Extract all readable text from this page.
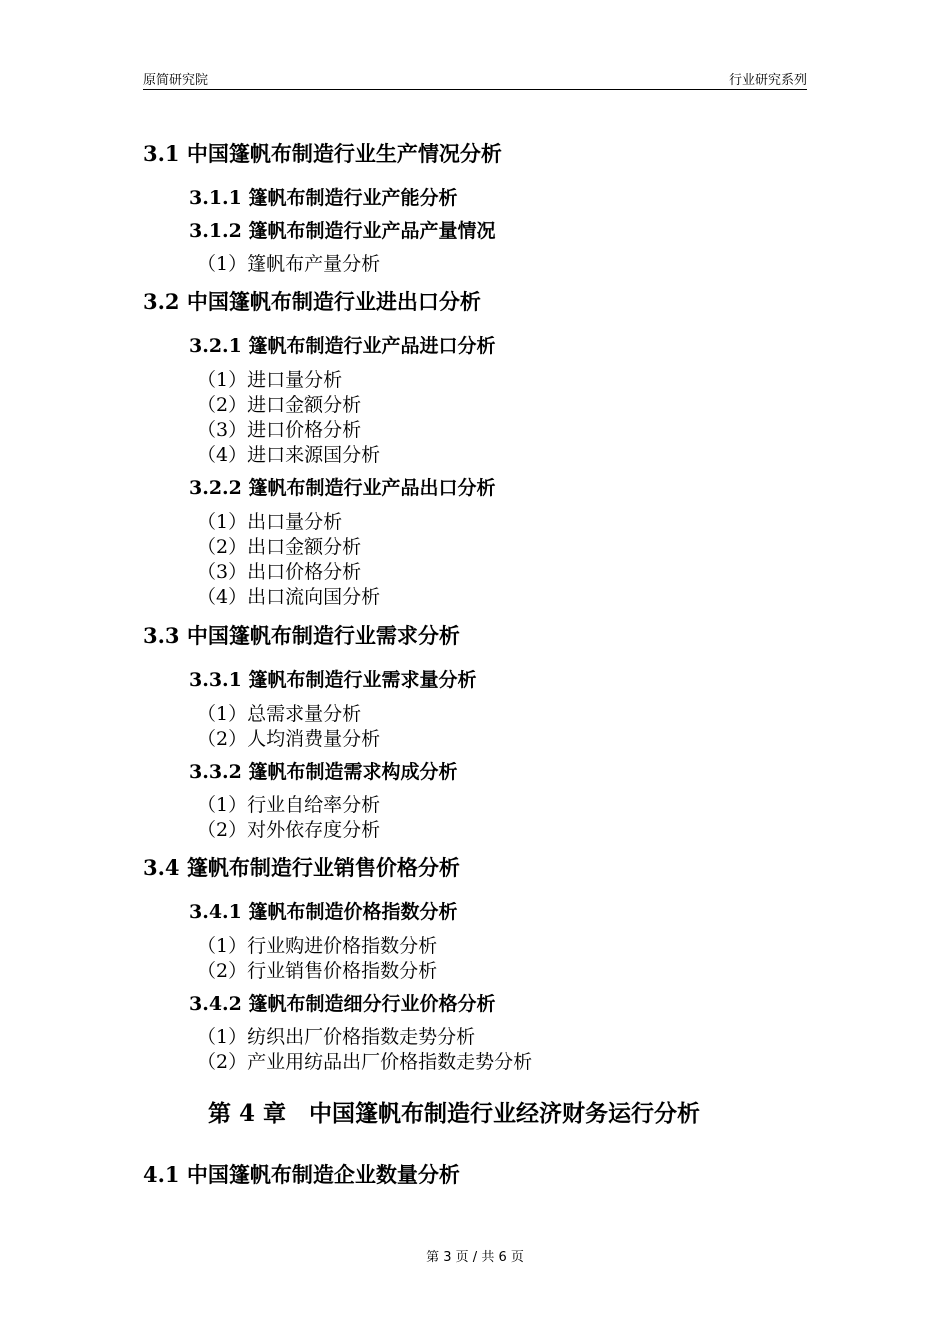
原简研究院	行业研究系列
3.1 中国篷帆布制造行业生产情况分析
3.1.1 篷帆布制造行业产能分析
3.1.2 篷帆布制造行业产品产量情况
（1）篷帆布产量分析
3.2 中国篷帆布制造行业进出口分析
3.2.1 篷帆布制造行业产品进口分析
（1）进口量分析
（2）进口金额分析
（3）进口价格分析
（4）进口来源国分析
3.2.2 篷帆布制造行业产品出口分析
（1）出口量分析
（2）出口金额分析
（3）出口价格分析
（4）出口流向国分析
3.3 中国篷帆布制造行业需求分析
3.3.1 篷帆布制造行业需求量分析
（1）总需求量分析
（2）人均消费量分析
3.3.2 篷帆布制造需求构成分析
（1）行业自给率分析
（2）对外依存度分析
3.4 篷帆布制造行业销售价格分析
3.4.1 篷帆布制造价格指数分析
（1）行业购进价格指数分析
（2）行业销售价格指数分析
3.4.2 篷帆布制造细分行业价格分析
（1）纺织出厂价格指数走势分析
（2）产业用纺品出厂价格指数走势分析
第 4 章　中国篷帆布制造行业经济财务运行分析
4.1 中国篷帆布制造企业数量分析
第 3 页 / 共 6 页
